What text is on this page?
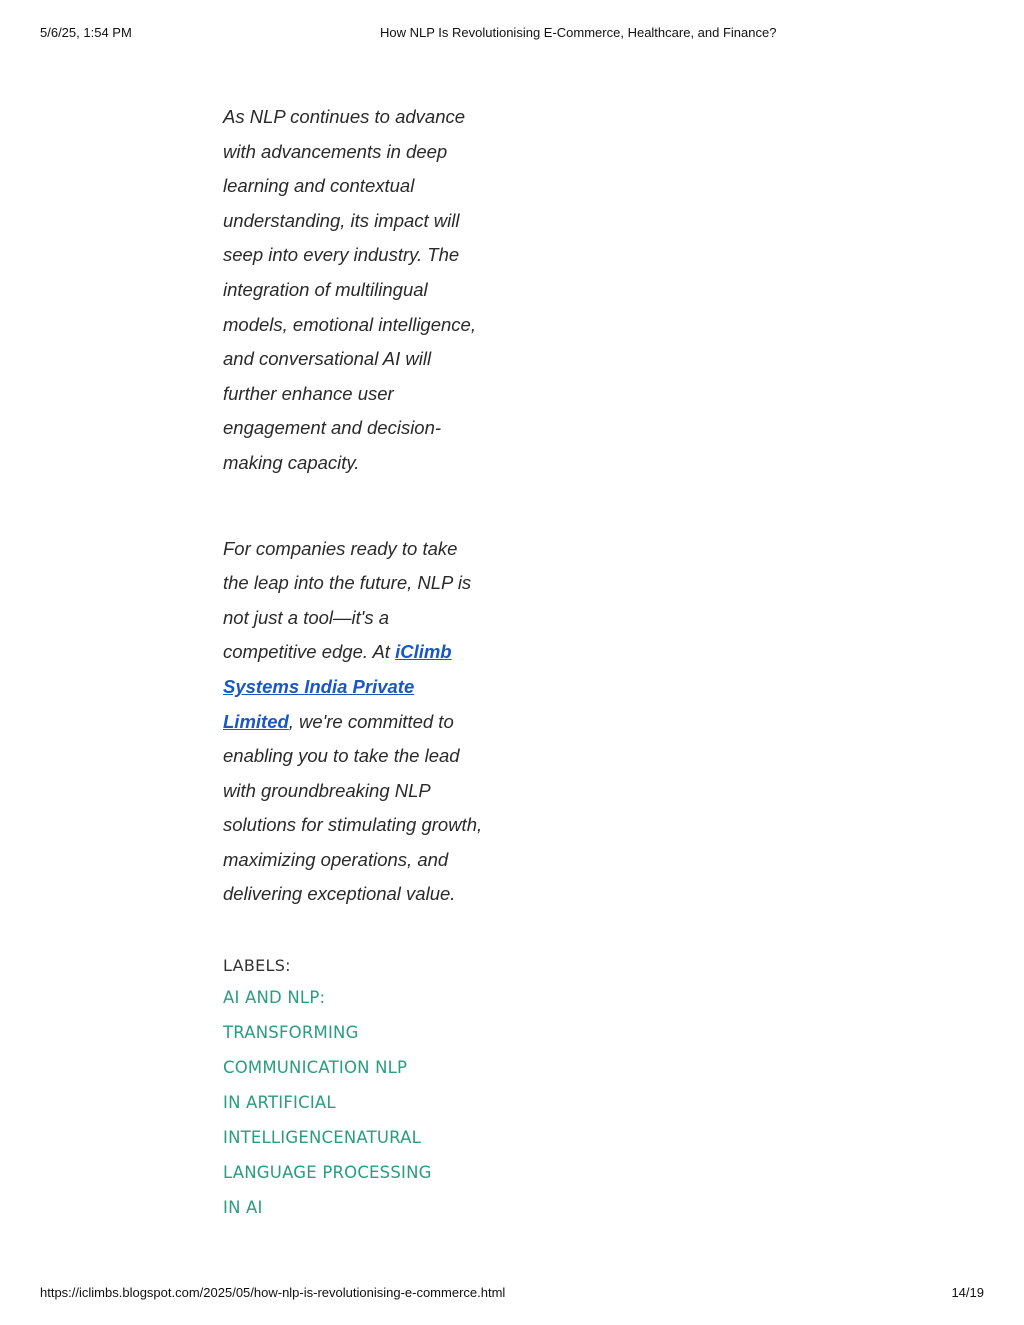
5/6/25, 1:54 PM	How NLP Is Revolutionising E-Commerce, Healthcare, and Finance?

As NLP continues to advance with advancements in deep learning and contextual understanding, its impact will seep into every industry. The integration of multilingual models, emotional intelligence, and conversational AI will further enhance user engagement and decision-making capacity.

For companies ready to take the leap into the future, NLP is not just a tool—it's a competitive edge. At iClimb Systems India Private Limited, we're committed to enabling you to take the lead with groundbreaking NLP solutions for stimulating growth, maximizing operations, and delivering exceptional value.

LABELS:
AI AND NLP:
TRANSFORMING
COMMUNICATION NLP
IN ARTIFICIAL
INTELLIGENCENATURAL
LANGUAGE PROCESSING
IN AI
https://iclimbs.blogspot.com/2025/05/how-nlp-is-revolutionising-e-commerce.html	14/19
